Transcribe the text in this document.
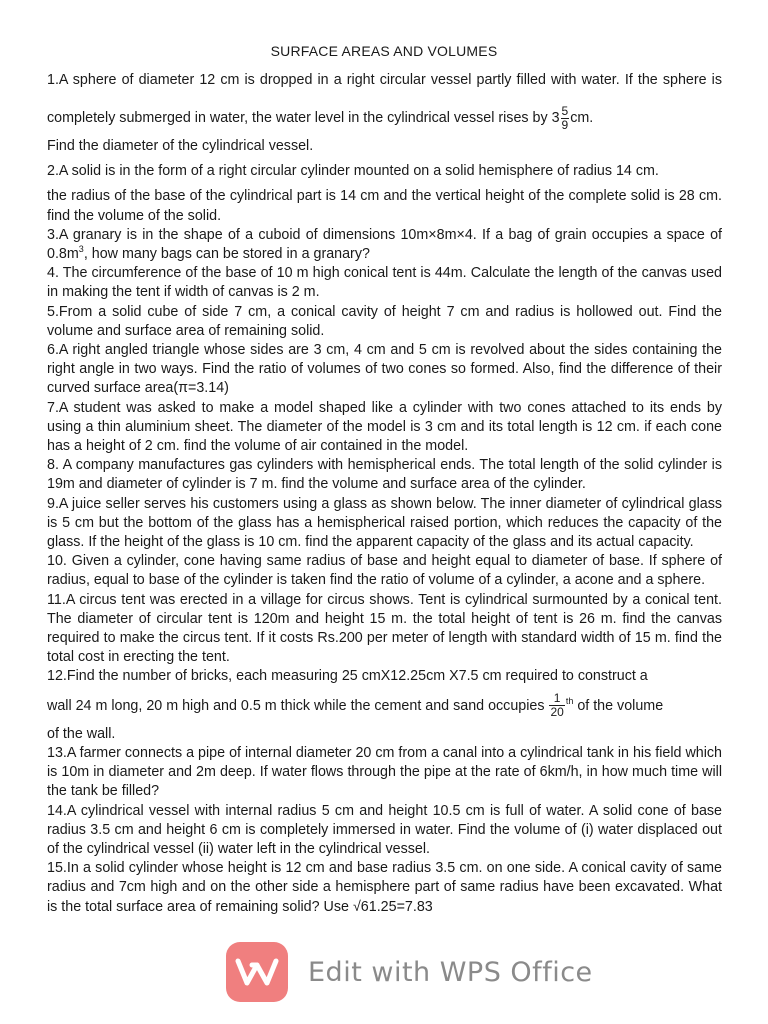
SURFACE AREAS AND VOLUMES

1.A sphere of diameter 12 cm is dropped in a right circular vessel partly filled with water. If the sphere is completely submerged in water, the water level in the cylindrical vessel rises by $3 \frac{5}{9}$ cm.
Find the diameter of the cylindrical vessel.

2.A solid is in the form of a right circular cylinder mounted on a solid hemisphere of radius 14 cm.
the radius of the base of the cylindrical part is 14 cm and the vertical height of the complete solid is 28 cm. find the volume of the solid.

3.A granary is in the shape of a cuboid of dimensions 10m×8m×4. If a bag of grain occupies a space of $0.8m^3$, how many bags can be stored in a granary?

4. The circumference of the base of 10 m high conical tent is 44m. Calculate the length of the canvas used in making the tent if width of canvas is 2 m.

5.From a solid cube of side 7 cm, a conical cavity of height 7 cm and radius is hollowed out. Find the volume and surface area of remaining solid.

6.A right angled triangle whose sides are 3 cm, 4 cm and 5 cm is revolved about the sides containing the right angle in two ways. Find the ratio of volumes of two cones so formed. Also, find the difference of their curved surface area(π=3.14)

7.A student was asked to make a model shaped like a cylinder with two cones attached to its ends by using a thin aluminium sheet. The diameter of the model is 3 cm and its total length is 12 cm. if each cone has a height of 2 cm. find the volume of air contained in the model.

8. A company manufactures gas cylinders with hemispherical ends. The total length of the solid cylinder is 19m and diameter of cylinder is 7 m. find the volume and surface area of the cylinder.

9.A juice seller serves his customers using a glass as shown below. The inner diameter of cylindrical glass is 5 cm but the bottom of the glass has a hemispherical raised portion, which reduces the capacity of the glass. If the height of the glass is 10 cm. find the apparent capacity of the glass and its actual capacity.

10. Given a cylinder, cone having same radius of base and height equal to diameter of base. If sphere of radius, equal to base of the cylinder is taken find the ratio of volume of a cylinder, a acone and a sphere.

11.A circus tent was erected in a village for circus shows. Tent is cylindrical surmounted by a conical tent. The diameter of circular tent is 120m and height 15 m. the total height of tent is 26 m. find the canvas required to make the circus tent. If it costs Rs.200 per meter of length with standard width of 15 m. find the total cost in erecting the tent.

12.Find the number of bricks, each measuring 25 cmX12.25cm X7.5 cm required to construct a
wall 24 m long, 20 m high and 0.5 m thick while the cement and sand occupies $\frac{1}{20} ^{th}$ of the volume
of the wall.

13.A farmer connects a pipe of internal diameter 20 cm from a canal into a cylindrical tank in his field which is 10m in diameter and 2m deep. If water flows through the pipe at the rate of 6km/h, in how much time will the tank be filled?

14.A cylindrical vessel with internal radius 5 cm and height 10.5 cm is full of water. A solid cone of base radius 3.5 cm and height 6 cm is completely immersed in water. Find the volume of (i) water displaced out of the cylindrical vessel (ii) water left in the cylindrical vessel.

15.In a solid cylinder whose height is 12 cm and base radius 3.5 cm. on one side. A conical cavity of same radius and 7cm high and on the other side a hemisphere part of same radius have been excavated. What is the total surface area of remaining solid? Use √61.25=7.83

Edit with WPS Office
